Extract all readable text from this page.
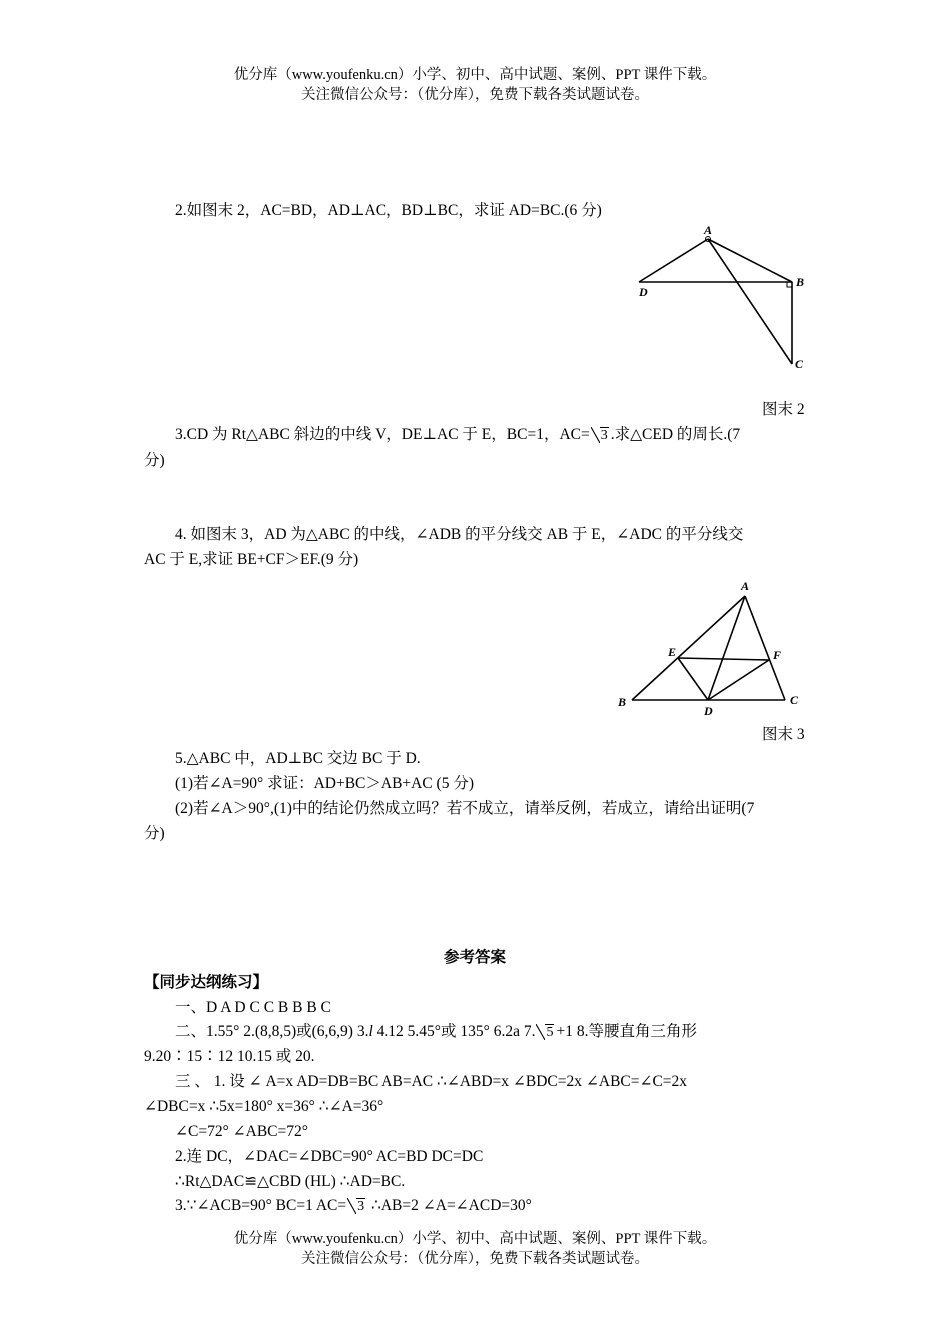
优分库（www.youfenku.cn）小学、初中、高中试题、案例、PPT 课件下载。
关注微信公众号：（优分库），免费下载各类试题试卷。
2.如图末 2，AC=BD，AD⊥AC，BD⊥BC，求证 AD=BC.(6 分)
A
B
C
D
图末 2
3.CD 为 Rt△ABC 斜边的中线 V，DE⊥AC 于 E，BC=1，AC= 3 .求△CED 的周长.(7
分)
4. 如图末 3，AD 为△ABC 的中线，∠ADB 的平分线交 AB 于 E，∠ADC 的平分线交
AC 于 E,求证 BE+CF＞EF.(9 分)
A
B	C
D
E	F
图末 3
5.△ABC 中，AD⊥BC 交边 BC 于 D.
(1)若∠A=90° 求证：AD+BC＞AB+AC (5 分)
(2)若∠A＞90°,(1)中的结论仍然成立吗？若不成立，请举反例，若成立，请给出证明(7
分)
参考答案
【同步达纲练习】
一、D A D C C B B B C
二、1.55° 2.(8,8,5)或(6,6,9) 3.l 4.12 5.45°或 135° 6.2a 7. 5 +1 8.等腰直角三角形
9.20∶15∶12 10.15 或 20.
三 、 1. 设 ∠ A=x AD=DB=BC AB=AC ∴∠ABD=x ∠BDC=2x ∠ABC=∠C=2x
∠DBC=x ∴5x=180° x=36° ∴∠A=36°
∠C=72° ∠ABC=72°
2.连 DC，∠DAC=∠DBC=90° AC=BD DC=DC
∴Rt△DAC≌△CBD (HL) ∴AD=BC.
3.∵∠ACB=90° BC=1 AC= 3 ∴AB=2 ∠A=∠ACD=30°
优分库（www.youfenku.cn）小学、初中、高中试题、案例、PPT 课件下载。
关注微信公众号：（优分库），免费下载各类试题试卷。
